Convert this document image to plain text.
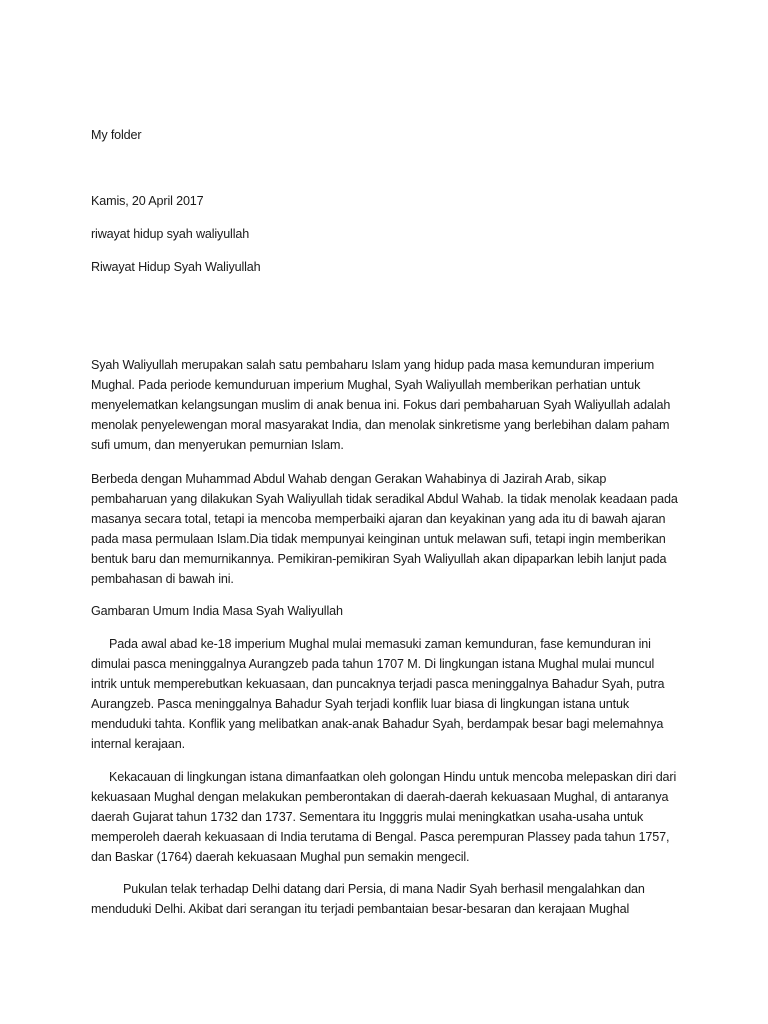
My folder
Kamis, 20 April 2017
riwayat hidup syah waliyullah
Riwayat Hidup Syah Waliyullah

Syah Waliyullah merupakan salah satu pembaharu Islam yang hidup pada masa kemunduran imperium Mughal. Pada periode kemunduruan imperium Mughal, Syah Waliyullah memberikan perhatian untuk menyelematkan kelangsungan muslim di anak benua ini. Fokus dari pembaharuan Syah Waliyullah adalah menolak penyelewengan moral masyarakat India, dan menolak sinkretisme yang berlebihan dalam paham sufi umum, dan menyerukan pemurnian Islam.

Berbeda dengan Muhammad Abdul Wahab dengan Gerakan Wahabinya di Jazirah Arab, sikap pembaharuan yang dilakukan Syah Waliyullah tidak seradikal Abdul Wahab. Ia tidak menolak keadaan pada masanya secara total, tetapi ia mencoba memperbaiki ajaran dan keyakinan yang ada itu di bawah ajaran pada masa permulaan Islam.Dia tidak mempunyai keinginan untuk melawan sufi, tetapi ingin memberikan bentuk baru dan memurnikannya. Pemikiran-pemikiran Syah Waliyullah akan dipaparkan lebih lanjut pada pembahasan di bawah ini.

Gambaran Umum India Masa Syah Waliyullah

Pada awal abad ke-18 imperium Mughal mulai memasuki zaman kemunduran, fase kemunduran ini dimulai pasca meninggalnya Aurangzeb pada tahun 1707 M. Di lingkungan istana Mughal mulai muncul intrik untuk memperebutkan kekuasaan, dan puncaknya terjadi pasca meninggalnya Bahadur Syah, putra Aurangzeb. Pasca meninggalnya Bahadur Syah terjadi konflik luar biasa di lingkungan istana untuk menduduki tahta. Konflik yang melibatkan anak-anak Bahadur Syah, berdampak besar bagi melemahnya internal kerajaan.

Kekacauan di lingkungan istana dimanfaatkan oleh golongan Hindu untuk mencoba melepaskan diri dari kekuasaan Mughal dengan melakukan pemberontakan di daerah-daerah kekuasaan Mughal, di antaranya daerah Gujarat tahun 1732 dan 1737. Sementara itu Ingggris mulai meningkatkan usaha-usaha untuk memperoleh daerah kekuasaan di India terutama di Bengal. Pasca perempuran Plassey pada tahun 1757, dan Baskar (1764) daerah kekuasaan Mughal pun semakin mengecil.

Pukulan telak terhadap Delhi datang dari Persia, di mana Nadir Syah berhasil mengalahkan dan menduduki Delhi. Akibat dari serangan itu terjadi pembantaian besar-besaran dan kerajaan Mughal
